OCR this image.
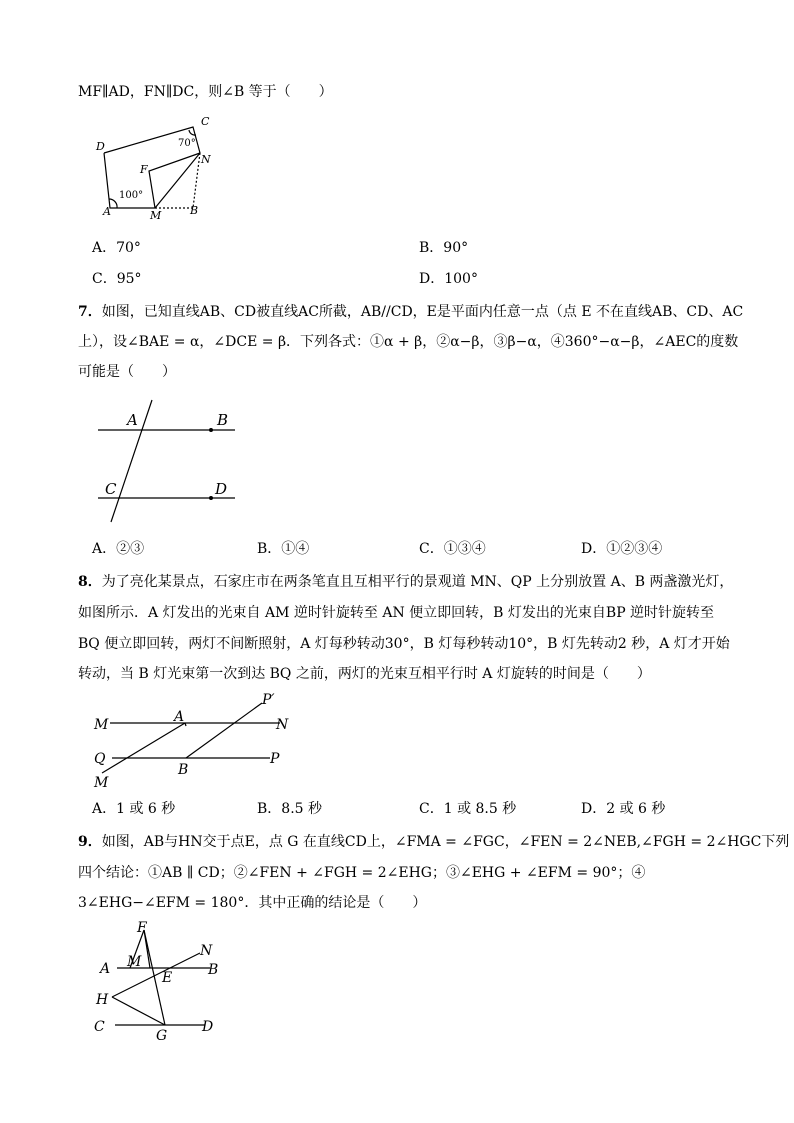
MF∥AD，FN∥DC，则∠B 等于（　　）
D
C
70°
N
F
100°
A	M	B
A．70°	B．90°
C．95°	D．100°
7．如图，已知直线AB、CD被直线AC所截，AB//CD，E是平面内任意一点（点 E 不在直线AB、CD、AC
上），设∠BAE = α，∠DCE = β．下列各式：①α + β，②α−β，③β−α，④360°−α−β，∠AEC的度数
可能是（　　）
A	B
C	D
A．②③	B．①④	C．①③④	D．①②③④
8．为了亮化某景点，石家庄市在两条笔直且互相平行的景观道 MN、QP 上分别放置 A、B 两盏激光灯，
如图所示．A 灯发出的光束自 AM 逆时针旋转至 AN 便立即回转，B 灯发出的光束自BP 逆时针旋转至
BQ 便立即回转，两灯不间断照射，A 灯每秒转动30°，B 灯每秒转动10°，B 灯先转动2 秒，A 灯才开始
转动，当 B 灯光束第一次到达 BQ 之前，两灯的光束互相平行时 A 灯旋转的时间是（　　）
M	A
P′
N
Q
B
P
M
A．1 或 6 秒	B．8.5 秒	C．1 或 8.5 秒	D．2 或 6 秒
9．如图，AB与HN交于点E，点 G 在直线CD上，∠FMA = ∠FGC，∠FEN = 2∠NEB,∠FGH = 2∠HGC下列
四个结论：①AB ∥ CD；②∠FEN + ∠FGH = 2∠EHG；③∠EHG + ∠EFM = 90°；④
3∠EHG−∠EFM = 180°．其中正确的结论是（　　）
F
N
A M
E	B
H
C
G
D
